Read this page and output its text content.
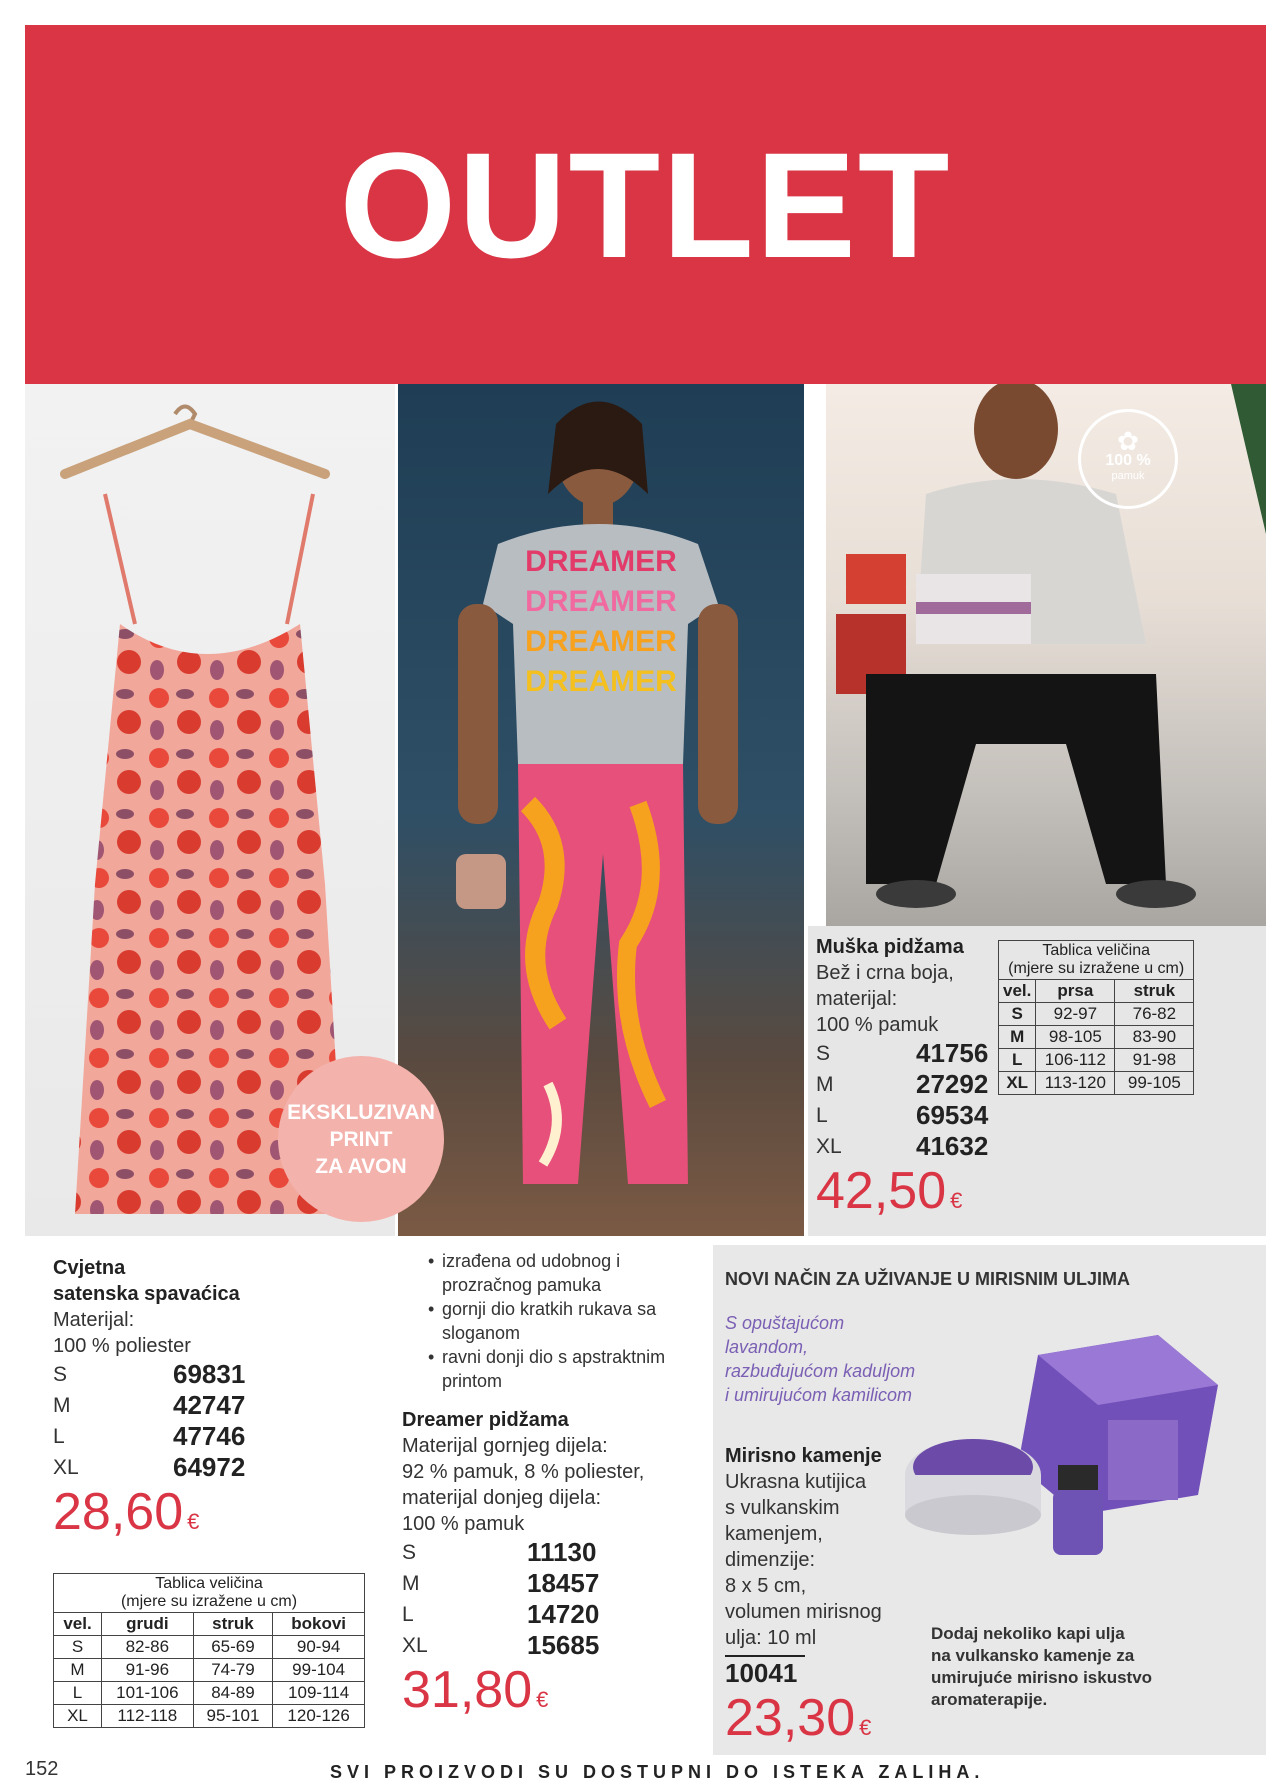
OUTLET
DREAMER
DREAMER
DREAMER
DREAMER
EKSKLUZIVAN
PRINT
ZA AVON
✿
100 %
pamuk
Muška pidžama
Bež i crna boja,
materijal:
100 % pamuk
S	41756
M	27292
L	69534
XL	41632
42,50 €
Tablica veličina
(mjere su izražene u cm)		
vel.	prsa	struk
S	92-97	76-82
M	98-105	83-90
L	106-112	91-98
XL	113-120	99-105
Cvjetna
satenska spavaćica
Materijal:
100 % poliester
S	69831
M	42747
L	47746
XL	64972
28,60 €
Tablica veličina
(mjere su izražene u cm)			
vel.	grudi	struk	bokovi
S	82-86	65-69	90-94
M	91-96	74-79	99-104
L	101-106	84-89	109-114
XL	112-118	95-101	120-126
• izrađena od udobnog i prozračnog pamuka
• gornji dio kratkih rukava sa sloganom
• ravni donji dio s apstraktnim printom
Dreamer pidžama
Materijal gornjeg dijela:
92 % pamuk, 8 % poliester,
materijal donjeg dijela:
100 % pamuk
S	11130
M	18457
L	14720
XL	15685
31,80 €
NOVI NAČIN ZA UŽIVANJE U MIRISNIM ULJIMA
S opuštajućom
lavandom,
razbuđujućom kaduljom
i umirujućom kamilicom
Mirisno kamenje
Ukrasna kutijica
s vulkanskim
kamenjem,
dimenzije:
8 x 5 cm,
volumen mirisnog
ulja: 10 ml
10041
23,30 €
Dodaj nekoliko kapi ulja
na vulkansko kamenje za
umirujuće mirisno iskustvo
aromaterapije.
152	SVI PROIZVODI SU DOSTUPNI DO ISTEKA ZALIHA.
